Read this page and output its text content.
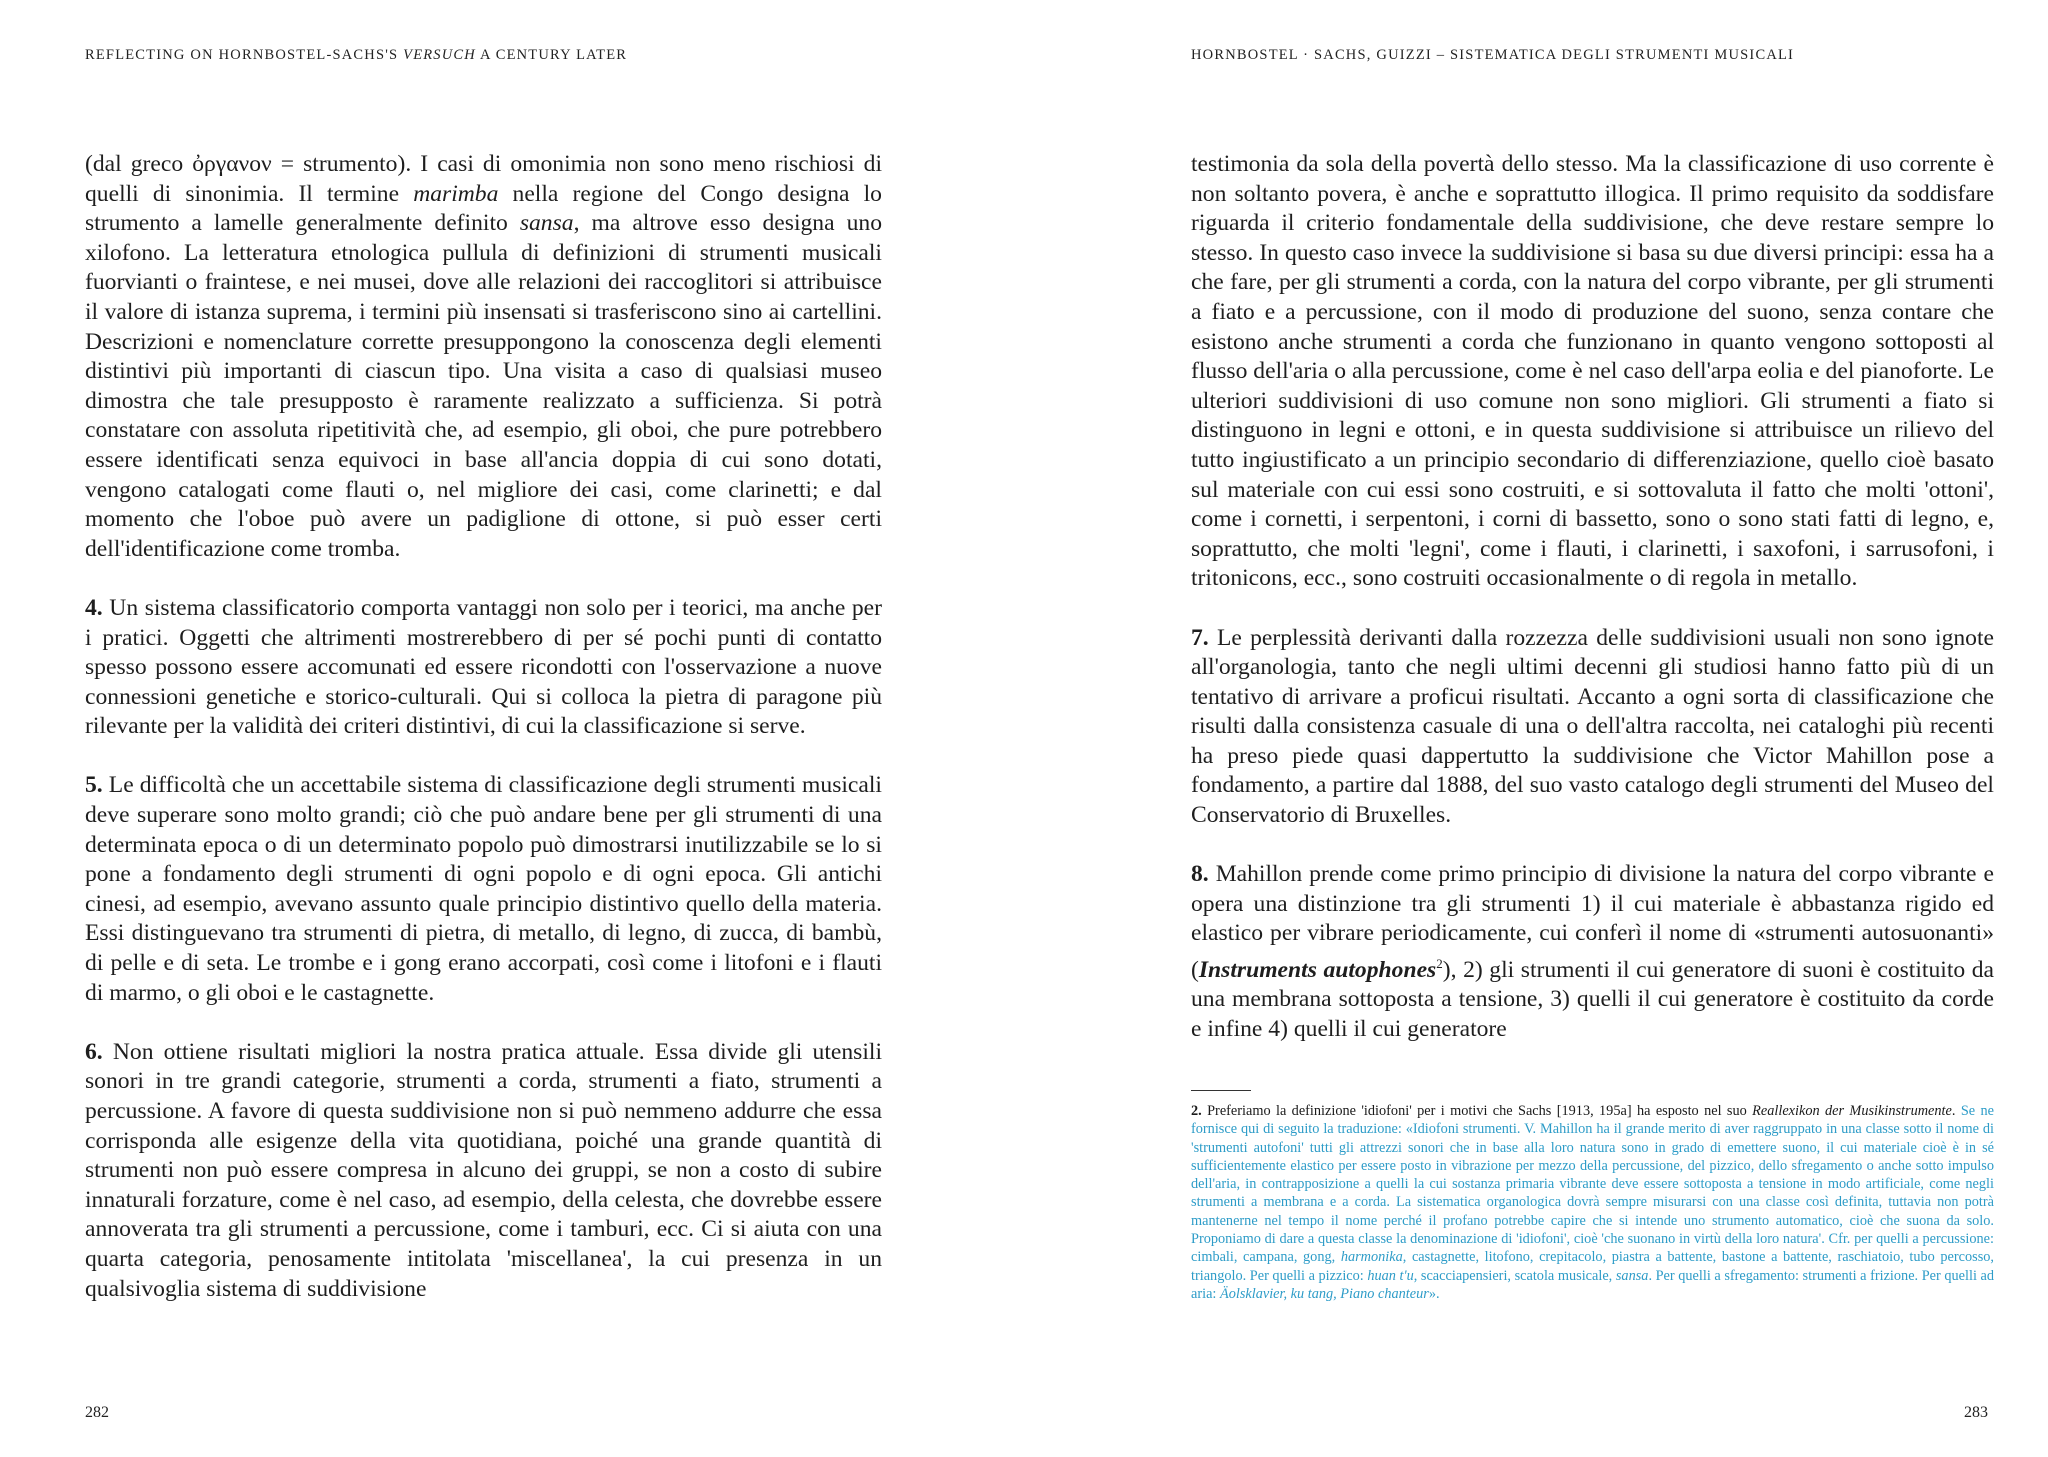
REFLECTING ON HORNBOSTEL-SACHS'S VERSUCH A CENTURY LATER

(dal greco ὀργανον = strumento). I casi di omonimia non sono meno rischiosi di quelli di sinonimia. Il termine marimba nella regione del Congo designa lo strumento a lamelle generalmente definito sansa, ma altrove esso designa uno xilofono. La letteratura etnologica pullula di definizioni di strumenti musicali fuorvianti o fraintese, e nei musei, dove alle relazioni dei raccoglitori si attribuisce il valore di istanza suprema, i termini più insensati si trasferiscono sino ai cartellini. Descrizioni e nomenclature corrette presuppongono la conoscenza degli elementi distintivi più importanti di ciascun tipo. Una visita a caso di qualsiasi museo dimostra che tale presupposto è raramente realizzato a sufficienza. Si potrà constatare con assoluta ripetitività che, ad esempio, gli oboi, che pure potrebbero essere identificati senza equivoci in base all'ancia doppia di cui sono dotati, vengono catalogati come flauti o, nel migliore dei casi, come clarinetti; e dal momento che l'oboe può avere un padiglione di ottone, si può esser certi dell'identificazione come tromba.

4. Un sistema classificatorio comporta vantaggi non solo per i teorici, ma anche per i pratici. Oggetti che altrimenti mostrerebbero di per sé pochi punti di contatto spesso possono essere accomunati ed essere ricondotti con l'osservazione a nuove connessioni genetiche e storico-culturali. Qui si colloca la pietra di paragone più rilevante per la validità dei criteri distintivi, di cui la classificazione si serve.

5. Le difficoltà che un accettabile sistema di classificazione degli strumenti musicali deve superare sono molto grandi; ciò che può andare bene per gli strumenti di una determinata epoca o di un determinato popolo può dimostrarsi inutilizzabile se lo si pone a fondamento degli strumenti di ogni popolo e di ogni epoca. Gli antichi cinesi, ad esempio, avevano assunto quale principio distintivo quello della materia. Essi distinguevano tra strumenti di pietra, di metallo, di legno, di zucca, di bambù, di pelle e di seta. Le trombe e i gong erano accorpati, così come i litofoni e i flauti di marmo, o gli oboi e le castagnette.

6. Non ottiene risultati migliori la nostra pratica attuale. Essa divide gli utensili sonori in tre grandi categorie, strumenti a corda, strumenti a fiato, strumenti a percussione. A favore di questa suddivisione non si può nemmeno addurre che essa corrisponda alle esigenze della vita quotidiana, poiché una grande quantità di strumenti non può essere compresa in alcuno dei gruppi, se non a costo di subire innaturali forzature, come è nel caso, ad esempio, della celesta, che dovrebbe essere annoverata tra gli strumenti a percussione, come i tamburi, ecc. Ci si aiuta con una quarta categoria, penosamente intitolata 'miscellanea', la cui presenza in un qualsivoglia sistema di suddivisione

282
HORNBOSTEL · SACHS, GUIZZI – SISTEMATICA DEGLI STRUMENTI MUSICALI

testimonia da sola della povertà dello stesso. Ma la classificazione di uso corrente è non soltanto povera, è anche e soprattutto illogica. Il primo requisito da soddisfare riguarda il criterio fondamentale della suddivisione, che deve restare sempre lo stesso. In questo caso invece la suddivisione si basa su due diversi principi: essa ha a che fare, per gli strumenti a corda, con la natura del corpo vibrante, per gli strumenti a fiato e a percussione, con il modo di produzione del suono, senza contare che esistono anche strumenti a corda che funzionano in quanto vengono sottoposti al flusso dell'aria o alla percussione, come è nel caso dell'arpa eolia e del pianoforte. Le ulteriori suddivisioni di uso comune non sono migliori. Gli strumenti a fiato si distinguono in legni e ottoni, e in questa suddivisione si attribuisce un rilievo del tutto ingiustificato a un principio secondario di differenziazione, quello cioè basato sul materiale con cui essi sono costruiti, e si sottovaluta il fatto che molti 'ottoni', come i cornetti, i serpentoni, i corni di bassetto, sono o sono stati fatti di legno, e, soprattutto, che molti 'legni', come i flauti, i clarinetti, i saxofoni, i sarrusofoni, i tritonicons, ecc., sono costruiti occasionalmente o di regola in metallo.

7. Le perplessità derivanti dalla rozzezza delle suddivisioni usuali non sono ignote all'organologia, tanto che negli ultimi decenni gli studiosi hanno fatto più di un tentativo di arrivare a proficui risultati. Accanto a ogni sorta di classificazione che risulti dalla consistenza casuale di una o dell'altra raccolta, nei cataloghi più recenti ha preso piede quasi dappertutto la suddivisione che Victor Mahillon pose a fondamento, a partire dal 1888, del suo vasto catalogo degli strumenti del Museo del Conservatorio di Bruxelles.

8. Mahillon prende come primo principio di divisione la natura del corpo vibrante e opera una distinzione tra gli strumenti 1) il cui materiale è abbastanza rigido ed elastico per vibrare periodicamente, cui conferì il nome di «strumenti autosuonanti» (Instruments autophones$^2$), 2) gli strumenti il cui generatore di suoni è costituito da una membrana sottoposta a tensione, 3) quelli il cui generatore è costituito da corde e infine 4) quelli il cui generatore

2. Preferiamo la definizione 'idiofoni' per i motivi che Sachs [1913, 195a] ha esposto nel suo Reallexikon der Musikinstrumente. Se ne fornisce qui di seguito la traduzione: «Idiofoni strumenti. V. Mahillon ha il grande merito di aver raggruppato in una classe sotto il nome di 'strumenti autofoni' tutti gli attrezzi sonori che in base alla loro natura sono in grado di emettere suono, il cui materiale cioè è in sé sufficientemente elastico per essere posto in vibrazione per mezzo della percussione, del pizzico, dello sfregamento o anche sotto impulso dell'aria, in contrapposizione a quelli la cui sostanza primaria vibrante deve essere sottoposta a tensione in modo artificiale, come negli strumenti a membrana e a corda. La sistematica organologica dovrà sempre misurarsi con una classe così definita, tuttavia non potrà mantenerne nel tempo il nome perché il profano potrebbe capire che si intende uno strumento automatico, cioè che suona da solo. Proponiamo di dare a questa classe la denominazione di 'idiofoni', cioè 'che suonano in virtù della loro natura'. Cfr. per quelli a percussione: cimbali, campana, gong, harmonika, castagnette, litofono, crepitacolo, piastra a battente, bastone a battente, raschiatoio, tubo percosso, triangolo. Per quelli a pizzico: huan t'u, scacciapensieri, scatola musicale, sansa. Per quelli a sfregamento: strumenti a frizione. Per quelli ad aria: Äolsklavier, ku tang, Piano chanteur».
283
